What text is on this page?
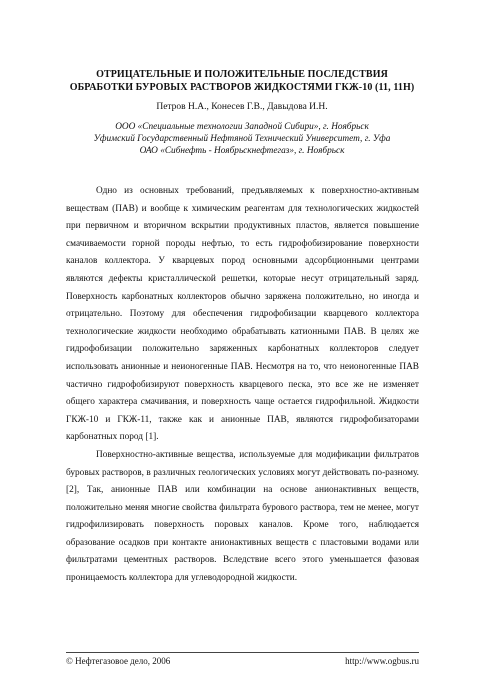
ОТРИЦАТЕЛЬНЫЕ И ПОЛОЖИТЕЛЬНЫЕ ПОСЛЕДСТВИЯ
ОБРАБОТКИ БУРОВЫХ РАСТВОРОВ ЖИДКОСТЯМИ ГКЖ-10 (11, 11Н)
Петров Н.А., Конесев Г.В., Давыдова И.Н.
ООО «Специальные технологии Западной Сибири», г. Ноябрьск
Уфимский Государственный Нефтяной Технический Университет, г. Уфа
ОАО «Сибнефть - Ноябрьскнефтегаз», г. Ноябрьск

Одно из основных требований, предъявляемых к поверхностно-активным веществам (ПАВ) и вообще к химическим реагентам для технологических жидкостей при первичном и вторичном вскрытии продуктивных пластов, является повышение смачиваемости горной породы нефтью, то есть гидрофобизирование поверхности каналов коллектора. У кварцевых пород основными адсорбционными центрами являются дефекты кристаллической решетки, которые несут отрицательный заряд. Поверхность карбонатных коллекторов обычно заряжена положительно, но иногда и отрицательно. Поэтому для обеспечения гидрофобизации кварцевого коллектора технологические жидкости необходимо обрабатывать катионными ПАВ. В целях же гидрофобизации положительно заряженных карбонатных коллекторов следует использовать анионные и неионогенные ПАВ. Несмотря на то, что неионогенные ПАВ частично гидрофобизируют поверхность кварцевого песка, это все же не изменяет общего характера смачивания, и поверхность чаще остается гидрофильной. Жидкости ГКЖ-10 и ГКЖ-11, также как и анионные ПАВ, являются гидрофобизаторами карбонатных пород [1].

Поверхностно-активные вещества, используемые для модификации фильтратов буровых растворов, в различных геологических условиях могут действовать по-разному. [2], Так, анионные ПАВ или комбинации на основе анионактивных веществ, положительно меняя многие свойства фильтрата бурового раствора, тем не менее, могут гидрофилизировать поверхность поровых каналов. Кроме того, наблюдается образование осадков при контакте анионактивных веществ с пластовыми водами или фильтратами цементных растворов. Вследствие всего этого уменьшается фазовая проницаемость коллектора для углеводородной жидкости.

© Нефтегазовое дело, 2006	http://www.ogbus.ru
